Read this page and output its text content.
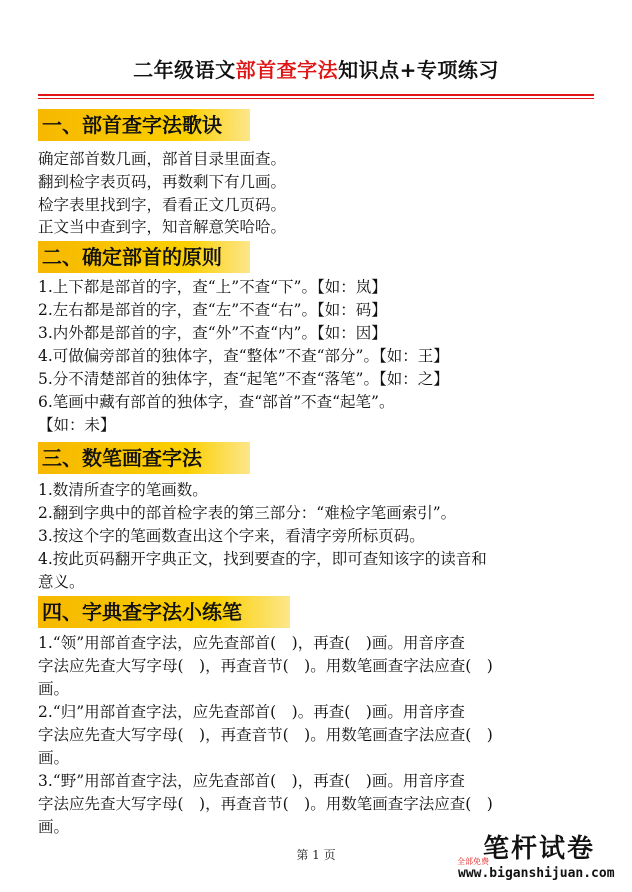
二年级语文部首查字法知识点+专项练习
一、部首查字法歌诀
确定部首数几画，部首目录里面查。
翻到检字表页码，再数剩下有几画。
检字表里找到字，看看正文几页码。
正文当中查到字，知音解意笑哈哈。
二、确定部首的原则
1.上下都是部首的字，查“上”不查“下”。【如：岚】
2.左右都是部首的字，查“左”不查“右”。【如：码】
3.内外都是部首的字，查“外”不查“内”。【如：因】
4.可做偏旁部首的独体字，查“整体”不查“部分”。【如：王】
5.分不清楚部首的独体字，查“起笔”不查“落笔”。【如：之】
6.笔画中藏有部首的独体字，查“部首”不查“起笔”。
【如：未】
三、数笔画查字法
1.数清所查字的笔画数。
2.翻到字典中的部首检字表的第三部分：“难检字笔画索引”。
3.按这个字的笔画数查出这个字来，看清字旁所标页码。
4.按此页码翻开字典正文，找到要查的字，即可查知该字的读音和
意义。
四、字典查字法小练笔
1.“领”用部首查字法，应先查部首(　)，再查(　)画。用音序查
字法应先查大写字母(　)，再查音节(　)。用数笔画查字法应查(　)
画。
2.“归”用部首查字法，应先查部首(　)。再查(　)画。用音序查
字法应先查大写字母(　)，再查音节(　)。用数笔画查字法应查(　)
画。
3.“野”用部首查字法，应先查部首(　)，再查(　)画。用音序查
字法应先查大写字母(　)，再查音节(　)。用数笔画查字法应查(　)
画。
第 1 页	笔杆试卷
全部免费
www.biganshijuan.com
